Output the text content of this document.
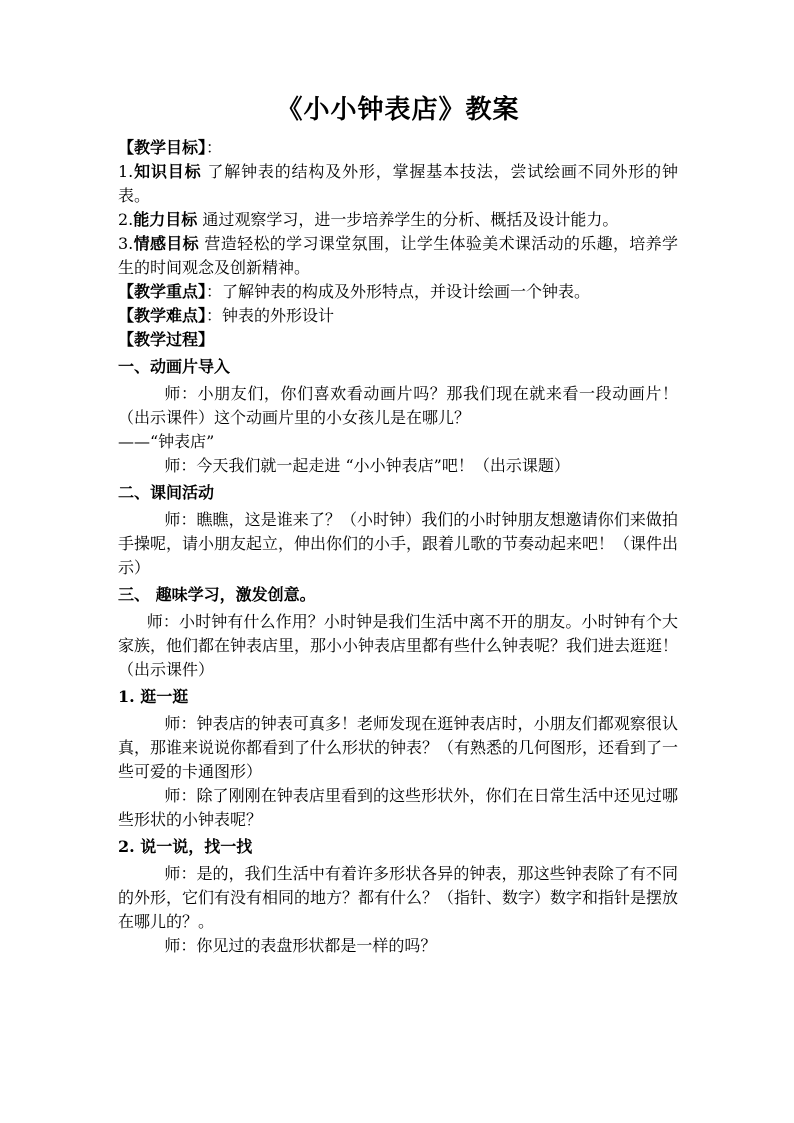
《小小钟表店》教案

【教学目标】：

1.知识目标 了解钟表的结构及外形，掌握基本技法，尝试绘画不同外形的钟表。

2.能力目标 通过观察学习，进一步培养学生的分析、概括及设计能力。

3.情感目标 营造轻松的学习课堂氛围，让学生体验美术课活动的乐趣，培养学生的时间观念及创新精神。

【教学重点】：了解钟表的构成及外形特点，并设计绘画一个钟表。

【教学难点】：钟表的外形设计

【教学过程】

一、动画片导入

师：小朋友们，你们喜欢看动画片吗？那我们现在就来看一段动画片！（出示课件）这个动画片里的小女孩儿是在哪儿？

——“钟表店”

师：今天我们就一起走进 “小小钟表店”吧！（出示课题）

二、课间活动

师：瞧瞧，这是谁来了？（小时钟）我们的小时钟朋友想邀请你们来做拍手操呢，请小朋友起立，伸出你们的小手，跟着儿歌的节奏动起来吧！（课件出示）

三、 趣味学习，激发创意。

师：小时钟有什么作用？小时钟是我们生活中离不开的朋友。小时钟有个大家族，他们都在钟表店里，那小小钟表店里都有些什么钟表呢？我们进去逛逛！（出示课件）

1. 逛一逛

师：钟表店的钟表可真多！老师发现在逛钟表店时，小朋友们都观察很认真，那谁来说说你都看到了什么形状的钟表？（有熟悉的几何图形，还看到了一些可爱的卡通图形）

师：除了刚刚在钟表店里看到的这些形状外，你们在日常生活中还见过哪些形状的小钟表呢？

2. 说一说，找一找

师：是的，我们生活中有着许多形状各异的钟表，那这些钟表除了有不同的外形，它们有没有相同的地方？都有什么？（指针、数字）数字和指针是摆放在哪儿的？。

师：你见过的表盘形状都是一样的吗？
